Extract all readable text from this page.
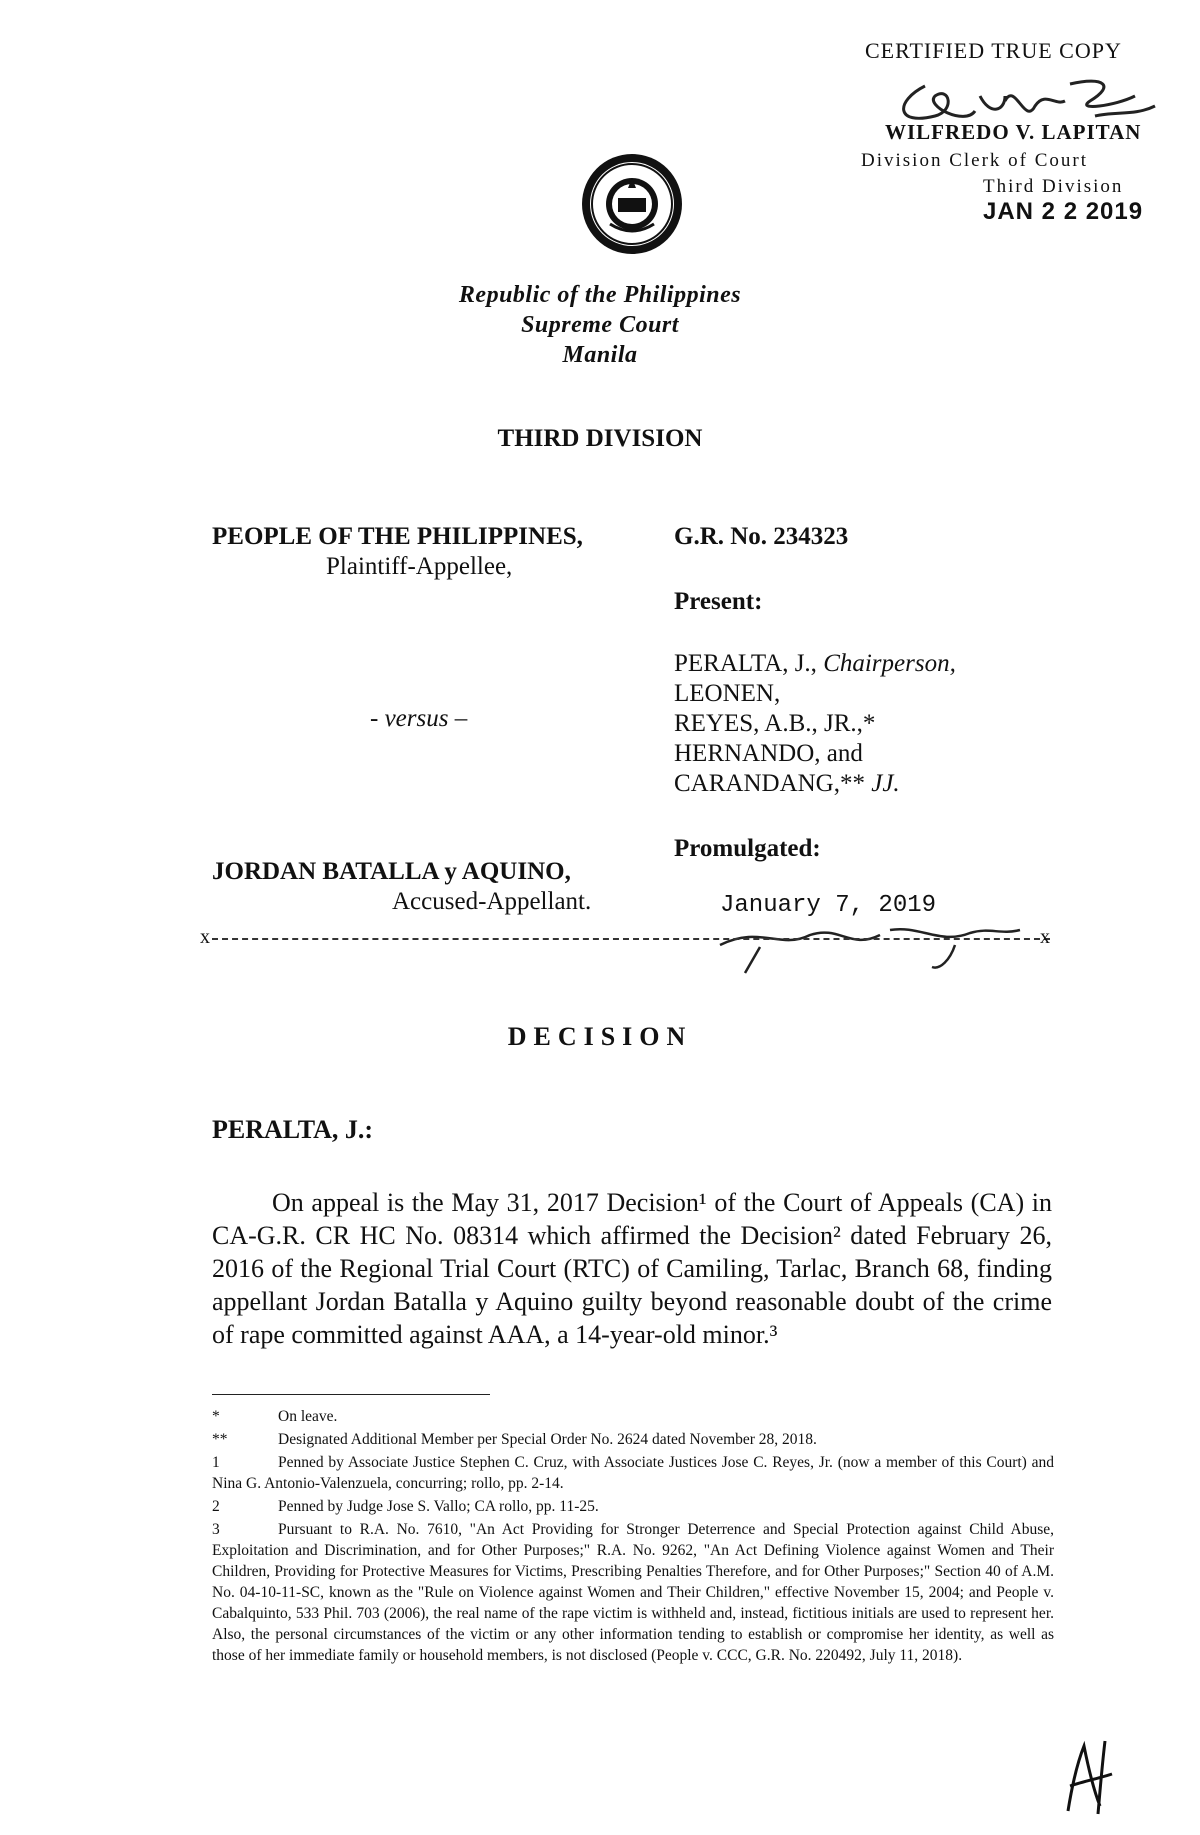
CERTIFIED TRUE COPY
WILFREDO V. LAPITAN
Division Clerk of Court
Third Division
JAN 2 2 2019
Republic of the Philippines
Supreme Court
Manila
THIRD DIVISION
PEOPLE OF THE PHILIPPINES,
Plaintiff-Appellee,
- versus –
JORDAN BATALLA y AQUINO,
Accused-Appellant.
G.R. No. 234323
Present:
PERALTA, J., Chairperson,
LEONEN,
REYES, A.B., JR.,*
HERNANDO, and
CARANDANG,** JJ.
Promulgated:
January 7, 2019
x	x
DECISION
PERALTA, J.:
On appeal is the May 31, 2017 Decision¹ of the Court of Appeals (CA) in CA-G.R. CR HC No. 08314 which affirmed the Decision² dated February 26, 2016 of the Regional Trial Court (RTC) of Camiling, Tarlac, Branch 68, finding appellant Jordan Batalla y Aquino guilty beyond reasonable doubt of the crime of rape committed against AAA, a 14-year-old minor.³
*	On leave.
**	Designated Additional Member per Special Order No. 2624 dated November 28, 2018.
1	Penned by Associate Justice Stephen C. Cruz, with Associate Justices Jose C. Reyes, Jr. (now a member of this Court) and Nina G. Antonio-Valenzuela, concurring; rollo, pp. 2-14.
2	Penned by Judge Jose S. Vallo; CA rollo, pp. 11-25.
3	Pursuant to R.A. No. 7610, "An Act Providing for Stronger Deterrence and Special Protection against Child Abuse, Exploitation and Discrimination, and for Other Purposes;" R.A. No. 9262, "An Act Defining Violence against Women and Their Children, Providing for Protective Measures for Victims, Prescribing Penalties Therefore, and for Other Purposes;" Section 40 of A.M. No. 04-10-11-SC, known as the "Rule on Violence against Women and Their Children," effective November 15, 2004; and People v. Cabalquinto, 533 Phil. 703 (2006), the real name of the rape victim is withheld and, instead, fictitious initials are used to represent her. Also, the personal circumstances of the victim or any other information tending to establish or compromise her identity, as well as those of her immediate family or household members, is not disclosed (People v. CCC, G.R. No. 220492, July 11, 2018).
